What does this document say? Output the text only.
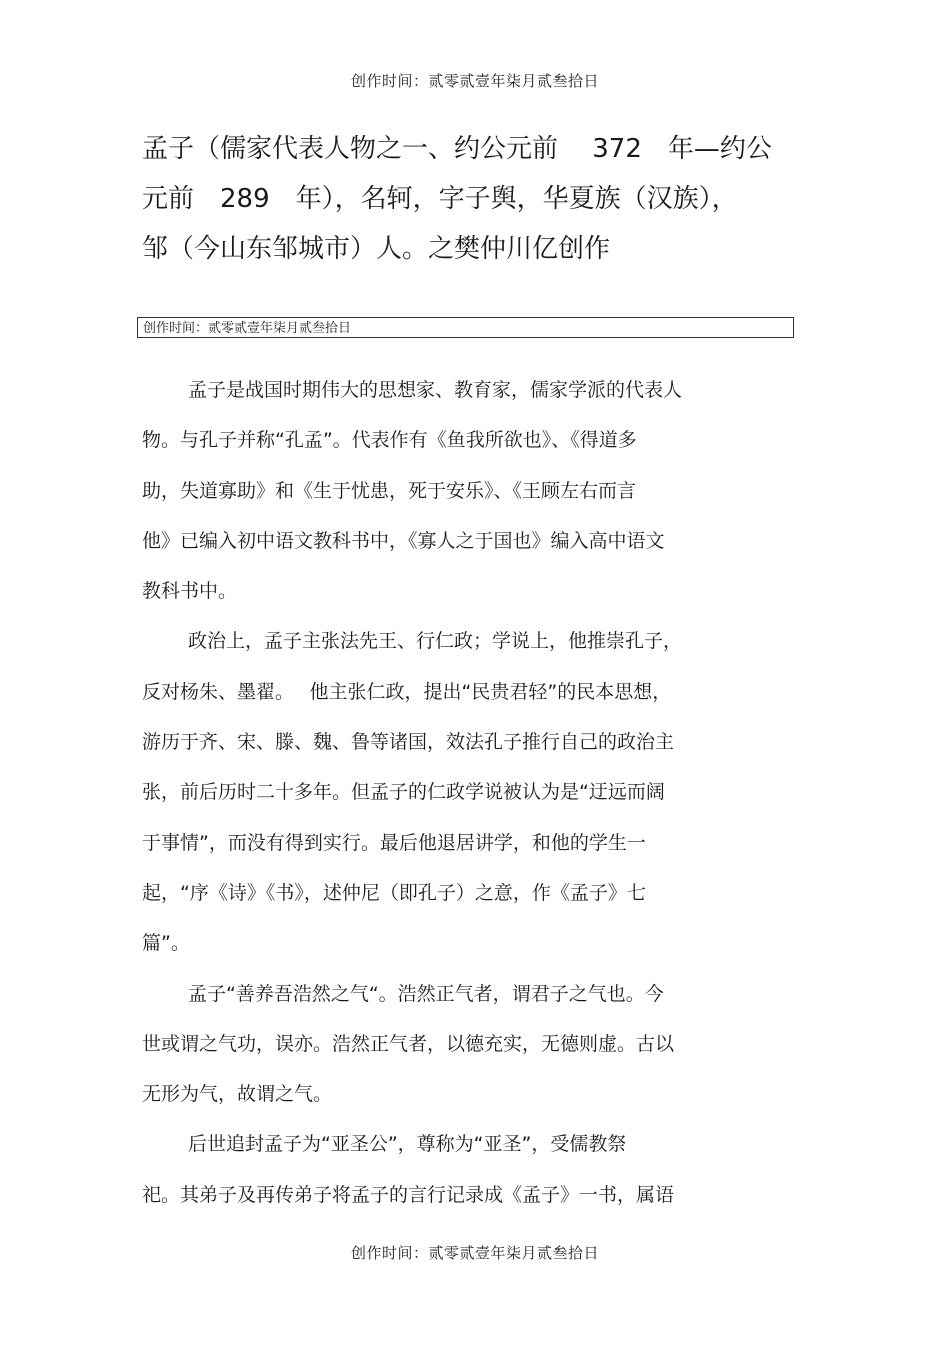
创作时间：贰零贰壹年柒月贰叁拾日
孟子（儒家代表人物之一、约公元前　 372　年—约公
元前　289　年），名轲，字子舆，华夏族（汉族），
邹（今山东邹城市）人。之樊仲川亿创作
创作时间：贰零贰壹年柒月贰叁拾日
孟子是战国时期伟大的思想家、教育家，儒家学派的代表人
物。与孔子并称“孔孟”。代表作有《鱼我所欲也》、《得道多
助，失道寡助》和《生于忧患，死于安乐》、《王顾左右而言
他》已编入初中语文教科书中，《寡人之于国也》编入高中语文
教科书中。
政治上，孟子主张法先王、行仁政；学说上，他推崇孔子，
反对杨朱、墨翟。　 他主张仁政，提出“民贵君轻”的民本思想，
游历于齐、宋、滕、魏、鲁等诸国，效法孔子推行自己的政治主
张，前后历时二十多年。但孟子的仁政学说被认为是“迂远而阔
于事情”，而没有得到实行。最后他退居讲学，和他的学生一
起，“序《诗》《书》，述仲尼（即孔子）之意，作《孟子》七
篇”。
孟子“善养吾浩然之气“。浩然正气者，谓君子之气也。今
世或谓之气功，误亦。浩然正气者，以德充实，无德则虚。古以
无形为气，故谓之气。
后世追封孟子为“亚圣公”，尊称为“亚圣”，受儒教祭
祀。其弟子及再传弟子将孟子的言行记录成《孟子》一书，属语
创作时间：贰零贰壹年柒月贰叁拾日
